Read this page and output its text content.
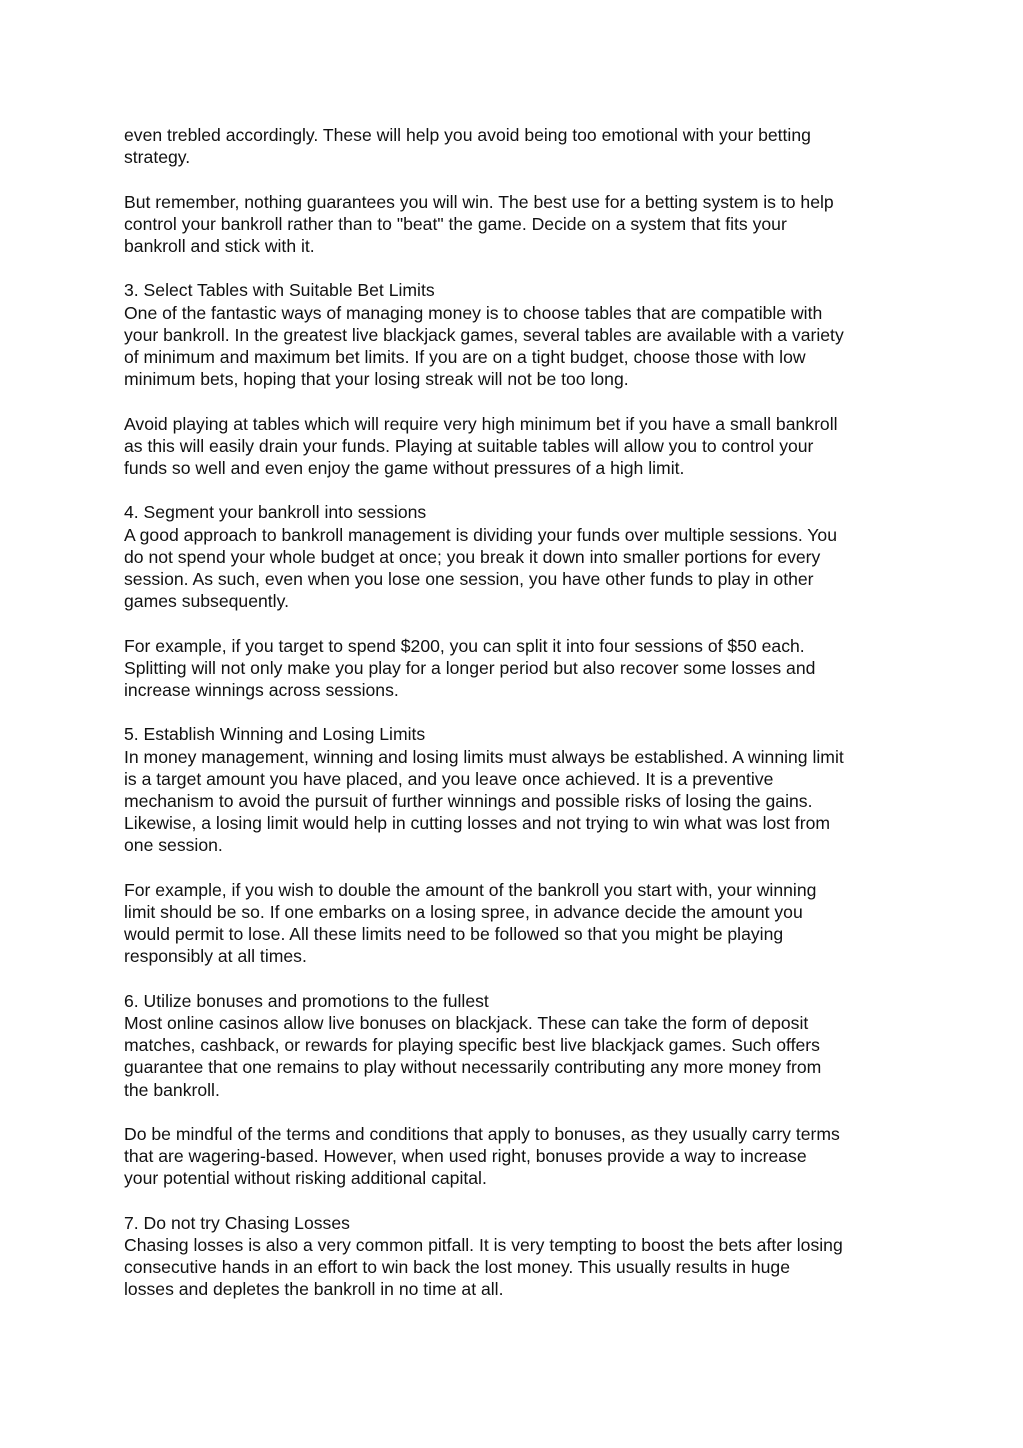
even trebled accordingly. These will help you avoid being too emotional with your betting
strategy.

But remember, nothing guarantees you will win. The best use for a betting system is to help
control your bankroll rather than to "beat" the game. Decide on a system that fits your
bankroll and stick with it.

3. Select Tables with Suitable Bet Limits
One of the fantastic ways of managing money is to choose tables that are compatible with
your bankroll. In the greatest live blackjack games, several tables are available with a variety
of minimum and maximum bet limits. If you are on a tight budget, choose those with low
minimum bets, hoping that your losing streak will not be too long.

Avoid playing at tables which will require very high minimum bet if you have a small bankroll
as this will easily drain your funds. Playing at suitable tables will allow you to control your
funds so well and even enjoy the game without pressures of a high limit.

4. Segment your bankroll into sessions
A good approach to bankroll management is dividing your funds over multiple sessions. You
do not spend your whole budget at once; you break it down into smaller portions for every
session. As such, even when you lose one session, you have other funds to play in other
games subsequently.

For example, if you target to spend $200, you can split it into four sessions of $50 each.
Splitting will not only make you play for a longer period but also recover some losses and
increase winnings across sessions.

5. Establish Winning and Losing Limits
In money management, winning and losing limits must always be established. A winning limit
is a target amount you have placed, and you leave once achieved. It is a preventive
mechanism to avoid the pursuit of further winnings and possible risks of losing the gains.
Likewise, a losing limit would help in cutting losses and not trying to win what was lost from
one session.

For example, if you wish to double the amount of the bankroll you start with, your winning
limit should be so. If one embarks on a losing spree, in advance decide the amount you
would permit to lose. All these limits need to be followed so that you might be playing
responsibly at all times.

6. Utilize bonuses and promotions to the fullest
Most online casinos allow live bonuses on blackjack. These can take the form of deposit
matches, cashback, or rewards for playing specific best live blackjack games. Such offers
guarantee that one remains to play without necessarily contributing any more money from
the bankroll.

Do be mindful of the terms and conditions that apply to bonuses, as they usually carry terms
that are wagering-based. However, when used right, bonuses provide a way to increase
your potential without risking additional capital.

7. Do not try Chasing Losses
Chasing losses is also a very common pitfall. It is very tempting to boost the bets after losing
consecutive hands in an effort to win back the lost money. This usually results in huge
losses and depletes the bankroll in no time at all.
